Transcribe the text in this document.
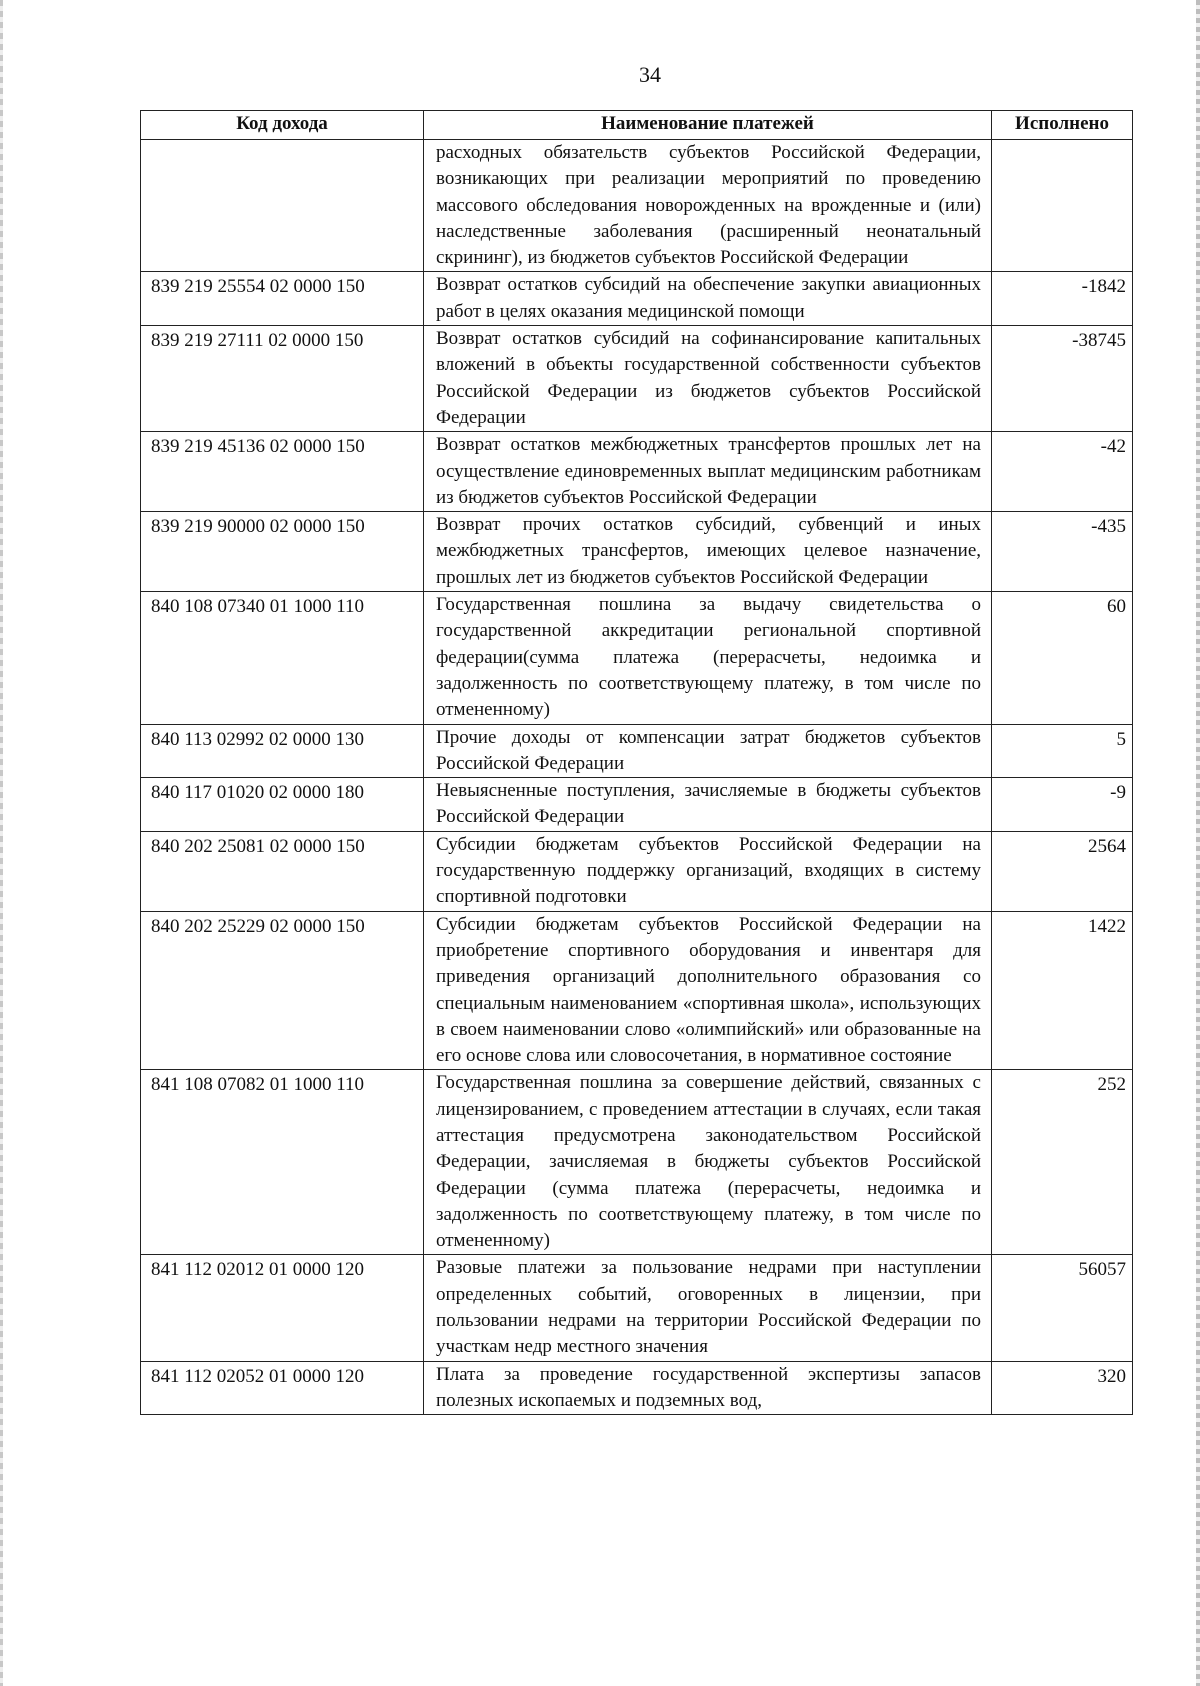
34
Код дохода	Наименование платежей	Исполнено
	расходных обязательств субъектов Российской Федерации, возникающих при реализации мероприятий по проведению массового обследования новорожденных на врожденные и (или) наследственные заболевания (расширенный неонатальный скрининг), из бюджетов субъектов Российской Федерации	
839 219 25554 02 0000 150	Возврат остатков субсидий на обеспечение закупки авиационных работ в целях оказания медицинской помощи	-1842
839 219 27111 02 0000 150	Возврат остатков субсидий на софинансирование капитальных вложений в объекты государственной собственности субъектов Российской Федерации из бюджетов субъектов Российской Федерации	-38745
839 219 45136 02 0000 150	Возврат остатков межбюджетных трансфертов прошлых лет на осуществление единовременных выплат медицинским работникам из бюджетов субъектов Российской Федерации	-42
839 219 90000 02 0000 150	Возврат прочих остатков субсидий, субвенций и иных межбюджетных трансфертов, имеющих целевое назначение, прошлых лет из бюджетов субъектов Российской Федерации	-435
840 108 07340 01 1000 110	Государственная пошлина за выдачу свидетельства о государственной аккредитации региональной спортивной федерации(сумма платежа (перерасчеты, недоимка и задолженность по соответствующему платежу, в том числе по отмененному)	60
840 113 02992 02 0000 130	Прочие доходы от компенсации затрат бюджетов субъектов Российской Федерации	5
840 117 01020 02 0000 180	Невыясненные поступления, зачисляемые в бюджеты субъектов Российской Федерации	-9
840 202 25081 02 0000 150	Субсидии бюджетам субъектов Российской Федерации на государственную поддержку организаций, входящих в систему спортивной подготовки	2564
840 202 25229 02 0000 150	Субсидии бюджетам субъектов Российской Федерации на приобретение спортивного оборудования и инвентаря для приведения организаций дополнительного образования со специальным наименованием «спортивная школа», использующих в своем наименовании слово «олимпийский» или образованные на его основе слова или словосочетания, в нормативное состояние	1422
841 108 07082 01 1000 110	Государственная пошлина за совершение действий, связанных с лицензированием, с проведением аттестации в случаях, если такая аттестация предусмотрена законодательством Российской Федерации, зачисляемая в бюджеты субъектов Российской Федерации (сумма платежа (перерасчеты, недоимка и задолженность по соответствующему платежу, в том числе по отмененному)	252
841 112 02012 01 0000 120	Разовые платежи за пользование недрами при наступлении определенных событий, оговоренных в лицензии, при пользовании недрами на территории Российской Федерации по участкам недр местного значения	56057
841 112 02052 01 0000 120	Плата за проведение государственной экспертизы запасов полезных ископаемых и подземных вод,	320
